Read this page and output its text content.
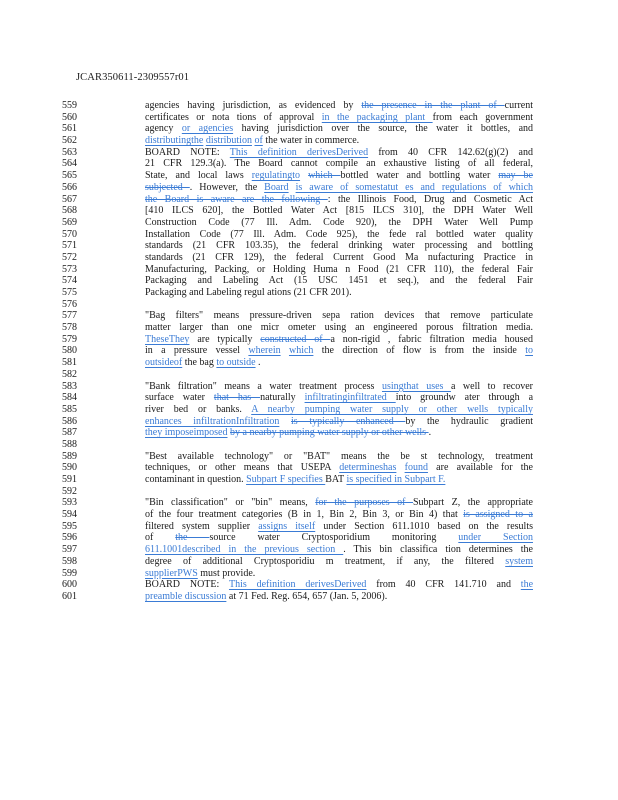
JCAR350611-2309557r01
559	agencies having jurisdiction, as evidenced by the presence in the plant of current
560	certificates or nota tions of approval in the packaging plant from each government
561	agency or agencies having jurisdiction over the source, the water it bottles, and
562	distributingthe distribution of the water in commerce.
563	BOARD NOTE: This definition derivesDerived from 40 CFR 142.62(g)(2) and
564	21 CFR 129.3(a). The Board cannot compile an exhaustive listing of all federal,
565	State, and local laws regulatingto which bottled water and bottling water may be
566	subjected . However, the Board is aware of somestatut es and regulations of which
567	the Board is aware are the following : the Illinois Food, Drug and Cosmetic Act
568	[410 ILCS 620], the Bottled Water Act [815 ILCS 310], the DPH Water Well
569	Construction Code (77 Ill. Adm. Code 920), the DPH Water Well Pump
570	Installation Code (77 Ill. Adm. Code 925), the fede ral bottled water quality
571	standards (21 CFR 103.35), the federal drinking water processing and bottling
572	standards (21 CFR 129), the federal Current Good Ma nufacturing Practice in
573	Manufacturing, Packing, or Holding Huma n Food (21 CFR 110), the federal Fair
574	Packaging and Labeling Act (15 USC 1451 et seq.), and the federal Fair
575	Packaging and Labeling regul ations (21 CFR 201).
576
577	"Bag filters" means pressure-driven sepa ration devices that remove particulate
578	matter larger than one micr ometer using an engineered porous filtration media.
579	TheseThey are typically constructed of a non-rigid , fabric filtration media housed
580	in a pressure vessel wherein which the direction of flow is from the inside to
581	outsideof the bag to outside .
582
583	"Bank filtration" means a water treatment process usingthat uses a well to recover
584	surface water that has naturally infiltratinginfiltrated into groundw ater through a
585	river bed or banks. A nearby pumping water supply or other wells typically
586	enhances infiltrationInfiltration is typically enhanced by the hydraulic gradient
587	they imposeimposed by a nearby pumping water supply or other wells .
588
589	"Best available technology" or "BAT" means the be st technology, treatment
590	techniques, or other means that USEPA determineshas found are available for the
591	contaminant in question. Subpart F specifies BAT is specified in Subpart F.
592
593	"Bin classification" or "bin" means, for the purposes of Subpart Z, the appropriate
594	of the four treatment categories (B in 1, Bin 2, Bin 3, or Bin 4) that is assigned to a
595	filtered system supplier assigns itself under Section 611.1010 based on the results
596	of the source water Cryptosporidium monitoring under Section
597	611.1001described in the previous section . This bin classifica tion determines the
598	degree of additional Cryptosporidiu m treatment, if any, the filtered system
599	supplierPWS must provide.
600	BOARD NOTE: This definition derivesDerived from 40 CFR 141.710 and the
601	preamble discussion at 71 Fed. Reg. 654, 657 (Jan. 5, 2006).
